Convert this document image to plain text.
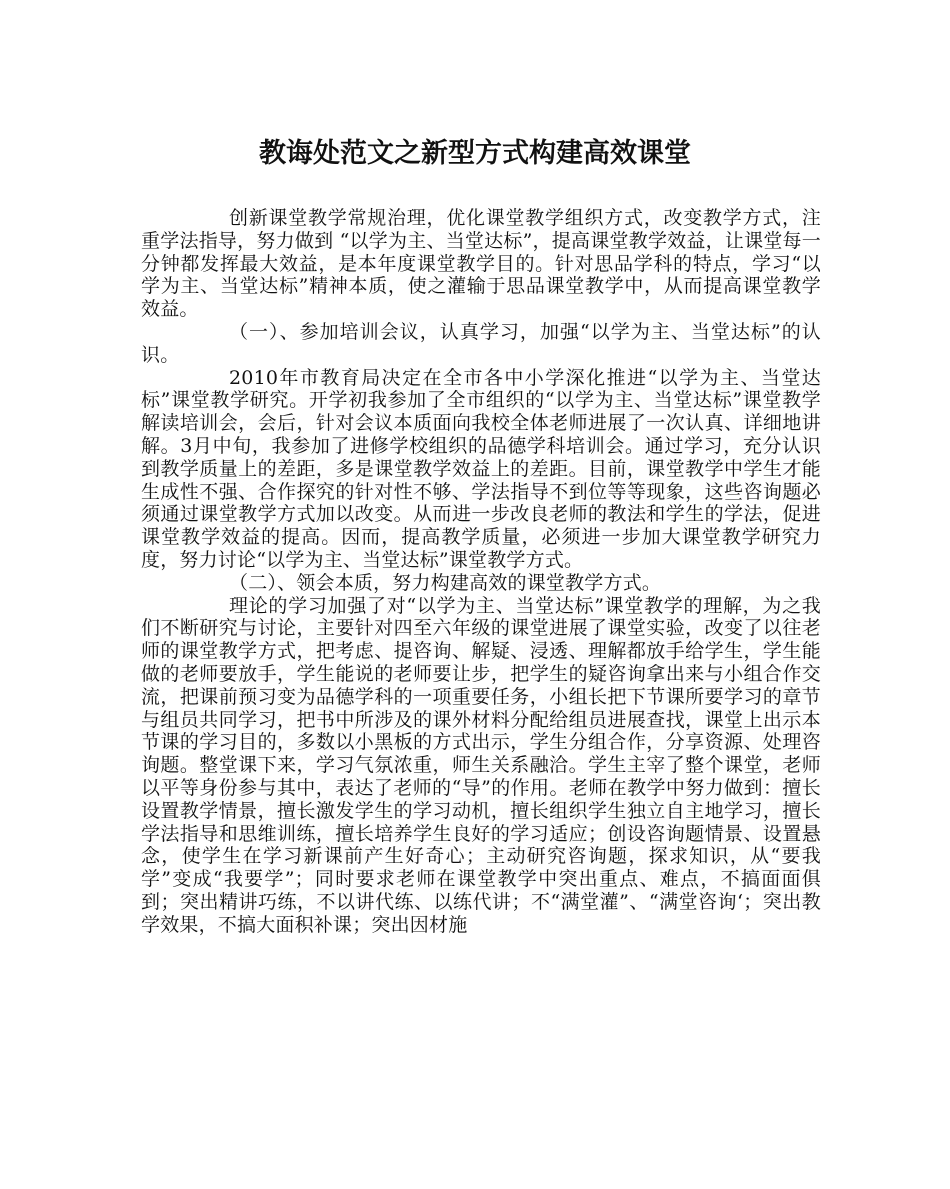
教诲处范文之新型方式构建高效课堂

创新课堂教学常规治理，优化课堂教学组织方式，改变教学方式，注重学法指导，努力做到 “以学为主、当堂达标”，提高课堂教学效益，让课堂每一分钟都发挥最大效益，是本年度课堂教学目的。针对思品学科的特点，学习“以学为主、当堂达标”精神本质，使之灌输于思品课堂教学中，从而提高课堂教学效益。

（一）、参加培训会议，认真学习，加强“以学为主、当堂达标”的认识。

2010年市教育局决定在全市各中小学深化推进“以学为主、当堂达标”课堂教学研究。开学初我参加了全市组织的“以学为主、当堂达标”课堂教学解读培训会，会后，针对会议本质面向我校全体老师进展了一次认真、详细地讲解。3月中旬，我参加了进修学校组织的品德学科培训会。通过学习，充分认识到教学质量上的差距，多是课堂教学效益上的差距。目前，课堂教学中学生才能生成性不强、合作探究的针对性不够、学法指导不到位等等现象，这些咨询题必须通过课堂教学方式加以改变。从而进一步改良老师的教法和学生的学法，促进课堂教学效益的提高。因而，提高教学质量，必须进一步加大课堂教学研究力度，努力讨论“以学为主、当堂达标”课堂教学方式。

（二）、领会本质，努力构建高效的课堂教学方式。

理论的学习加强了对“以学为主、当堂达标”课堂教学的理解，为之我们不断研究与讨论，主要针对四至六年级的课堂进展了课堂实验，改变了以往老师的课堂教学方式，把考虑、提咨询、解疑、浸透、理解都放手给学生，学生能做的老师要放手，学生能说的老师要让步，把学生的疑咨询拿出来与小组合作交流，把课前预习变为品德学科的一项重要任务，小组长把下节课所要学习的章节与组员共同学习，把书中所涉及的课外材料分配给组员进展查找，课堂上出示本节课的学习目的，多数以小黑板的方式出示，学生分组合作，分享资源、处理咨询题。整堂课下来，学习气氛浓重，师生关系融洽。学生主宰了整个课堂，老师以平等身份参与其中，表达了老师的“导”的作用。老师在教学中努力做到：擅长设置教学情景，擅长激发学生的学习动机，擅长组织学生独立自主地学习，擅长学法指导和思维训练，擅长培养学生良好的学习适应；创设咨询题情景、设置悬念，使学生在学习新课前产生好奇心；主动研究咨询题，探求知识，从“要我学”变成“我要学”；同时要求老师在课堂教学中突出重点、难点，不搞面面俱到；突出精讲巧练，不以讲代练、以练代讲；不“满堂灌”、“满堂咨询‘；突出教学效果，不搞大面积补课；突出因材施
